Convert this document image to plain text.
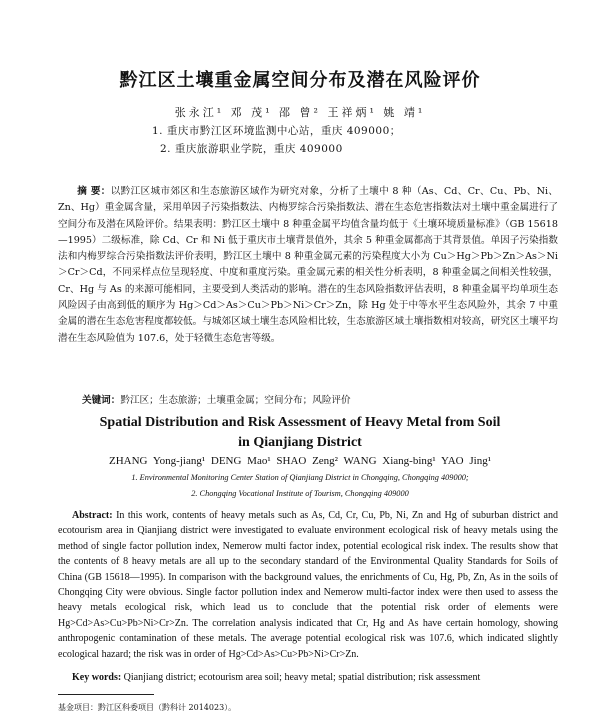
黔江区土壤重金属空间分布及潜在风险评价
张永江¹ 邓 茂¹ 邵 曾² 王祥炳¹ 姚 靖¹
1. 重庆市黔江区环境监测中心站，重庆 409000；
2. 重庆旅游职业学院，重庆 409000
摘 要：以黔江区城市郊区和生态旅游区域作为研究对象，分析了土壤中 8 种（As、Cd、Cr、Cu、Pb、Ni、Zn、Hg）重金属含量，采用单因子污染指数法、内梅罗综合污染指数法、潜在生态危害指数法对土壤中重金属进行了空间分布及潜在风险评价。结果表明：黔江区土壤中 8 种重金属平均值含量均低于《土壤环境质量标准》（GB 15618—1995）二级标准，除 Cd、Cr 和 Ni 低于重庆市土壤背景值外，其余 5 种重金属都高于其背景值。单因子污染指数法和内梅罗综合污染指数法评价表明，黔江区土壤中 8 种重金属元素的污染程度大小为 Cu＞Hg＞Pb＞Zn＞As＞Ni＞Cr＞Cd，不同采样点位呈现轻度、中度和重度污染。重金属元素的相关性分析表明，8 种重金属之间相关性较强，Cr、Hg 与 As 的来源可能相同，主要受到人类活动的影响。潜在的生态风险指数评估表明，8 种重金属平均单项生态风险因子由高到低的顺序为 Hg＞Cd＞As＞Cu＞Pb＞Ni＞Cr＞Zn，除 Hg 处于中等水平生态风险外，其余 7 中重金属的潜在生态危害程度都较低。与城郊区域土壤生态风险相比较，生态旅游区域土壤指数相对较高，研究区土壤平均潜在生态风险值为 107.6，处于轻微生态危害等级。
关键词：黔江区；生态旅游；土壤重金属；空间分布；风险评价
Spatial Distribution and Risk Assessment of Heavy Metal from Soil
in Qianjiang District
ZHANG Yong-jiang¹ DENG Mao¹ SHAO Zeng² WANG Xiang-bing¹ YAO Jing¹
1. Environmental Monitoring Center Station of Qianjiang District in Chongqing, Chongqing 409000;
2. Chongqing Vocational Institute of Tourism, Chongqing 409000
Abstract: In this work, contents of heavy metals such as As, Cd, Cr, Cu, Pb, Ni, Zn and Hg of suburban district and ecotourism area in Qianjiang district were investigated to evaluate environment ecological risk of heavy metals using the method of single factor pollution index, Nemerow multi factor index, potential ecological risk index. The results show that the contents of 8 heavy metals are all up to the secondary standard of the Environmental Quality Standards for Soils of China (GB 15618—1995). In comparison with the background values, the enrichments of Cu, Hg, Pb, Zn, As in the soils of Chongqing City were obvious. Single factor pollution index and Nemerow multi-factor index were then used to assess the heavy metals ecological risk, which lead us to conclude that the potential risk order of elements were Hg>Cd>As>Cu>Pb>Ni>Cr>Zn. The correlation analysis indicated that Cr, Hg and As have certain homology, showing anthropogenic contamination of these metals. The average potential ecological risk was 107.6, which indicated slightly ecological hazard; the risk was in order of Hg>Cd>As>Cu>Pb>Ni>Cr>Zn.
Key words: Qianjiang district; ecotourism area soil; heavy metal; spatial distribution; risk assessment
基金项目：黔江区科委项目（黔科计 2014023）。
